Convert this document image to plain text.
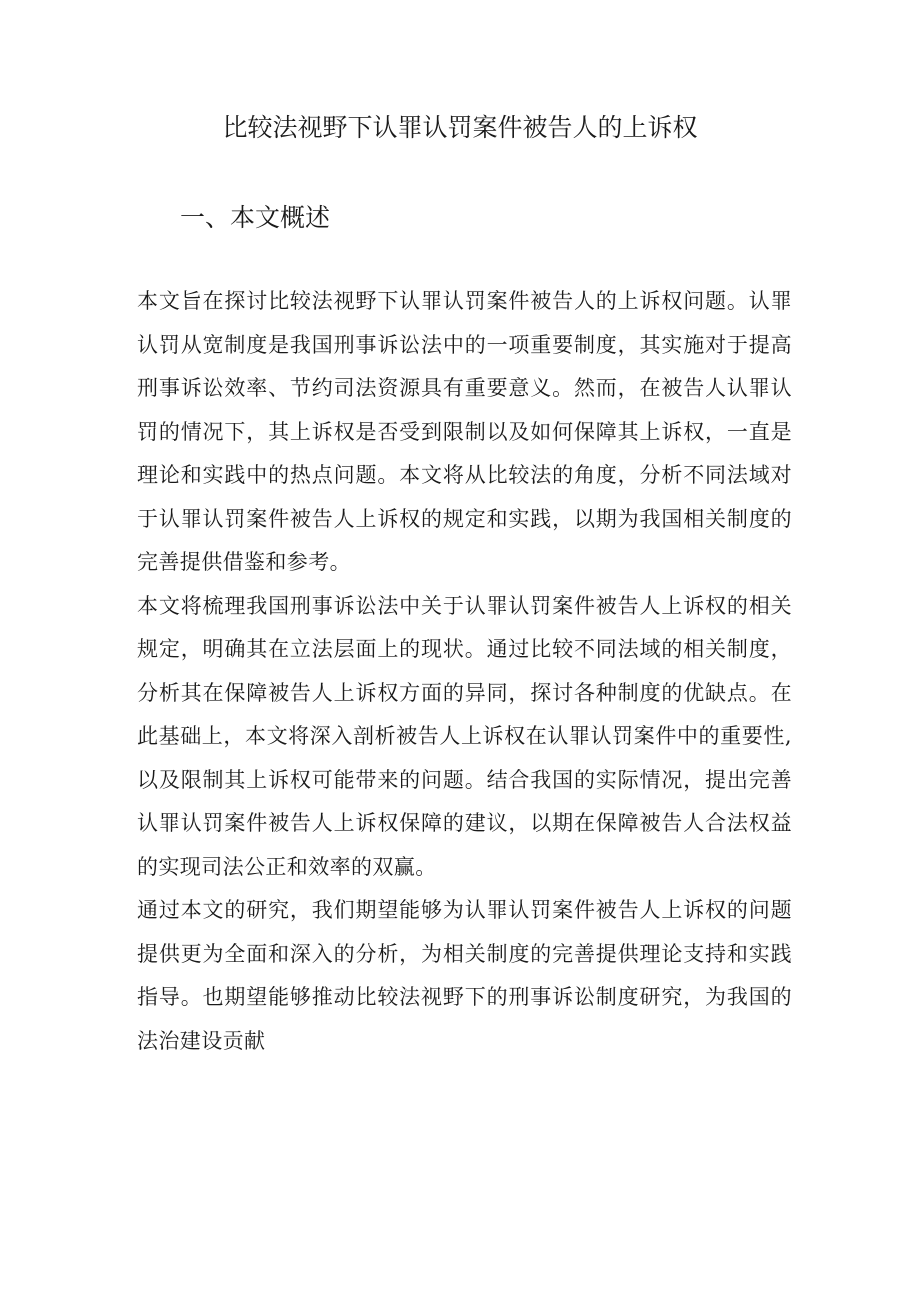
比较法视野下认罪认罚案件被告人的上诉权
一、本文概述

本文旨在探讨比较法视野下认罪认罚案件被告人的上诉权问题。认罪认罚从宽制度是我国刑事诉讼法中的一项重要制度，其实施对于提高刑事诉讼效率、节约司法资源具有重要意义。然而，在被告人认罪认罚的情况下，其上诉权是否受到限制以及如何保障其上诉权，一直是理论和实践中的热点问题。本文将从比较法的角度，分析不同法域对于认罪认罚案件被告人上诉权的规定和实践，以期为我国相关制度的完善提供借鉴和参考。

本文将梳理我国刑事诉讼法中关于认罪认罚案件被告人上诉权的相关规定，明确其在立法层面上的现状。通过比较不同法域的相关制度，分析其在保障被告人上诉权方面的异同，探讨各种制度的优缺点。在此基础上，本文将深入剖析被告人上诉权在认罪认罚案件中的重要性,以及限制其上诉权可能带来的问题。结合我国的实际情况，提出完善认罪认罚案件被告人上诉权保障的建议，以期在保障被告人合法权益的实现司法公正和效率的双赢。

通过本文的研究，我们期望能够为认罪认罚案件被告人上诉权的问题提供更为全面和深入的分析，为相关制度的完善提供理论支持和实践指导。也期望能够推动比较法视野下的刑事诉讼制度研究，为我国的法治建设贡献
